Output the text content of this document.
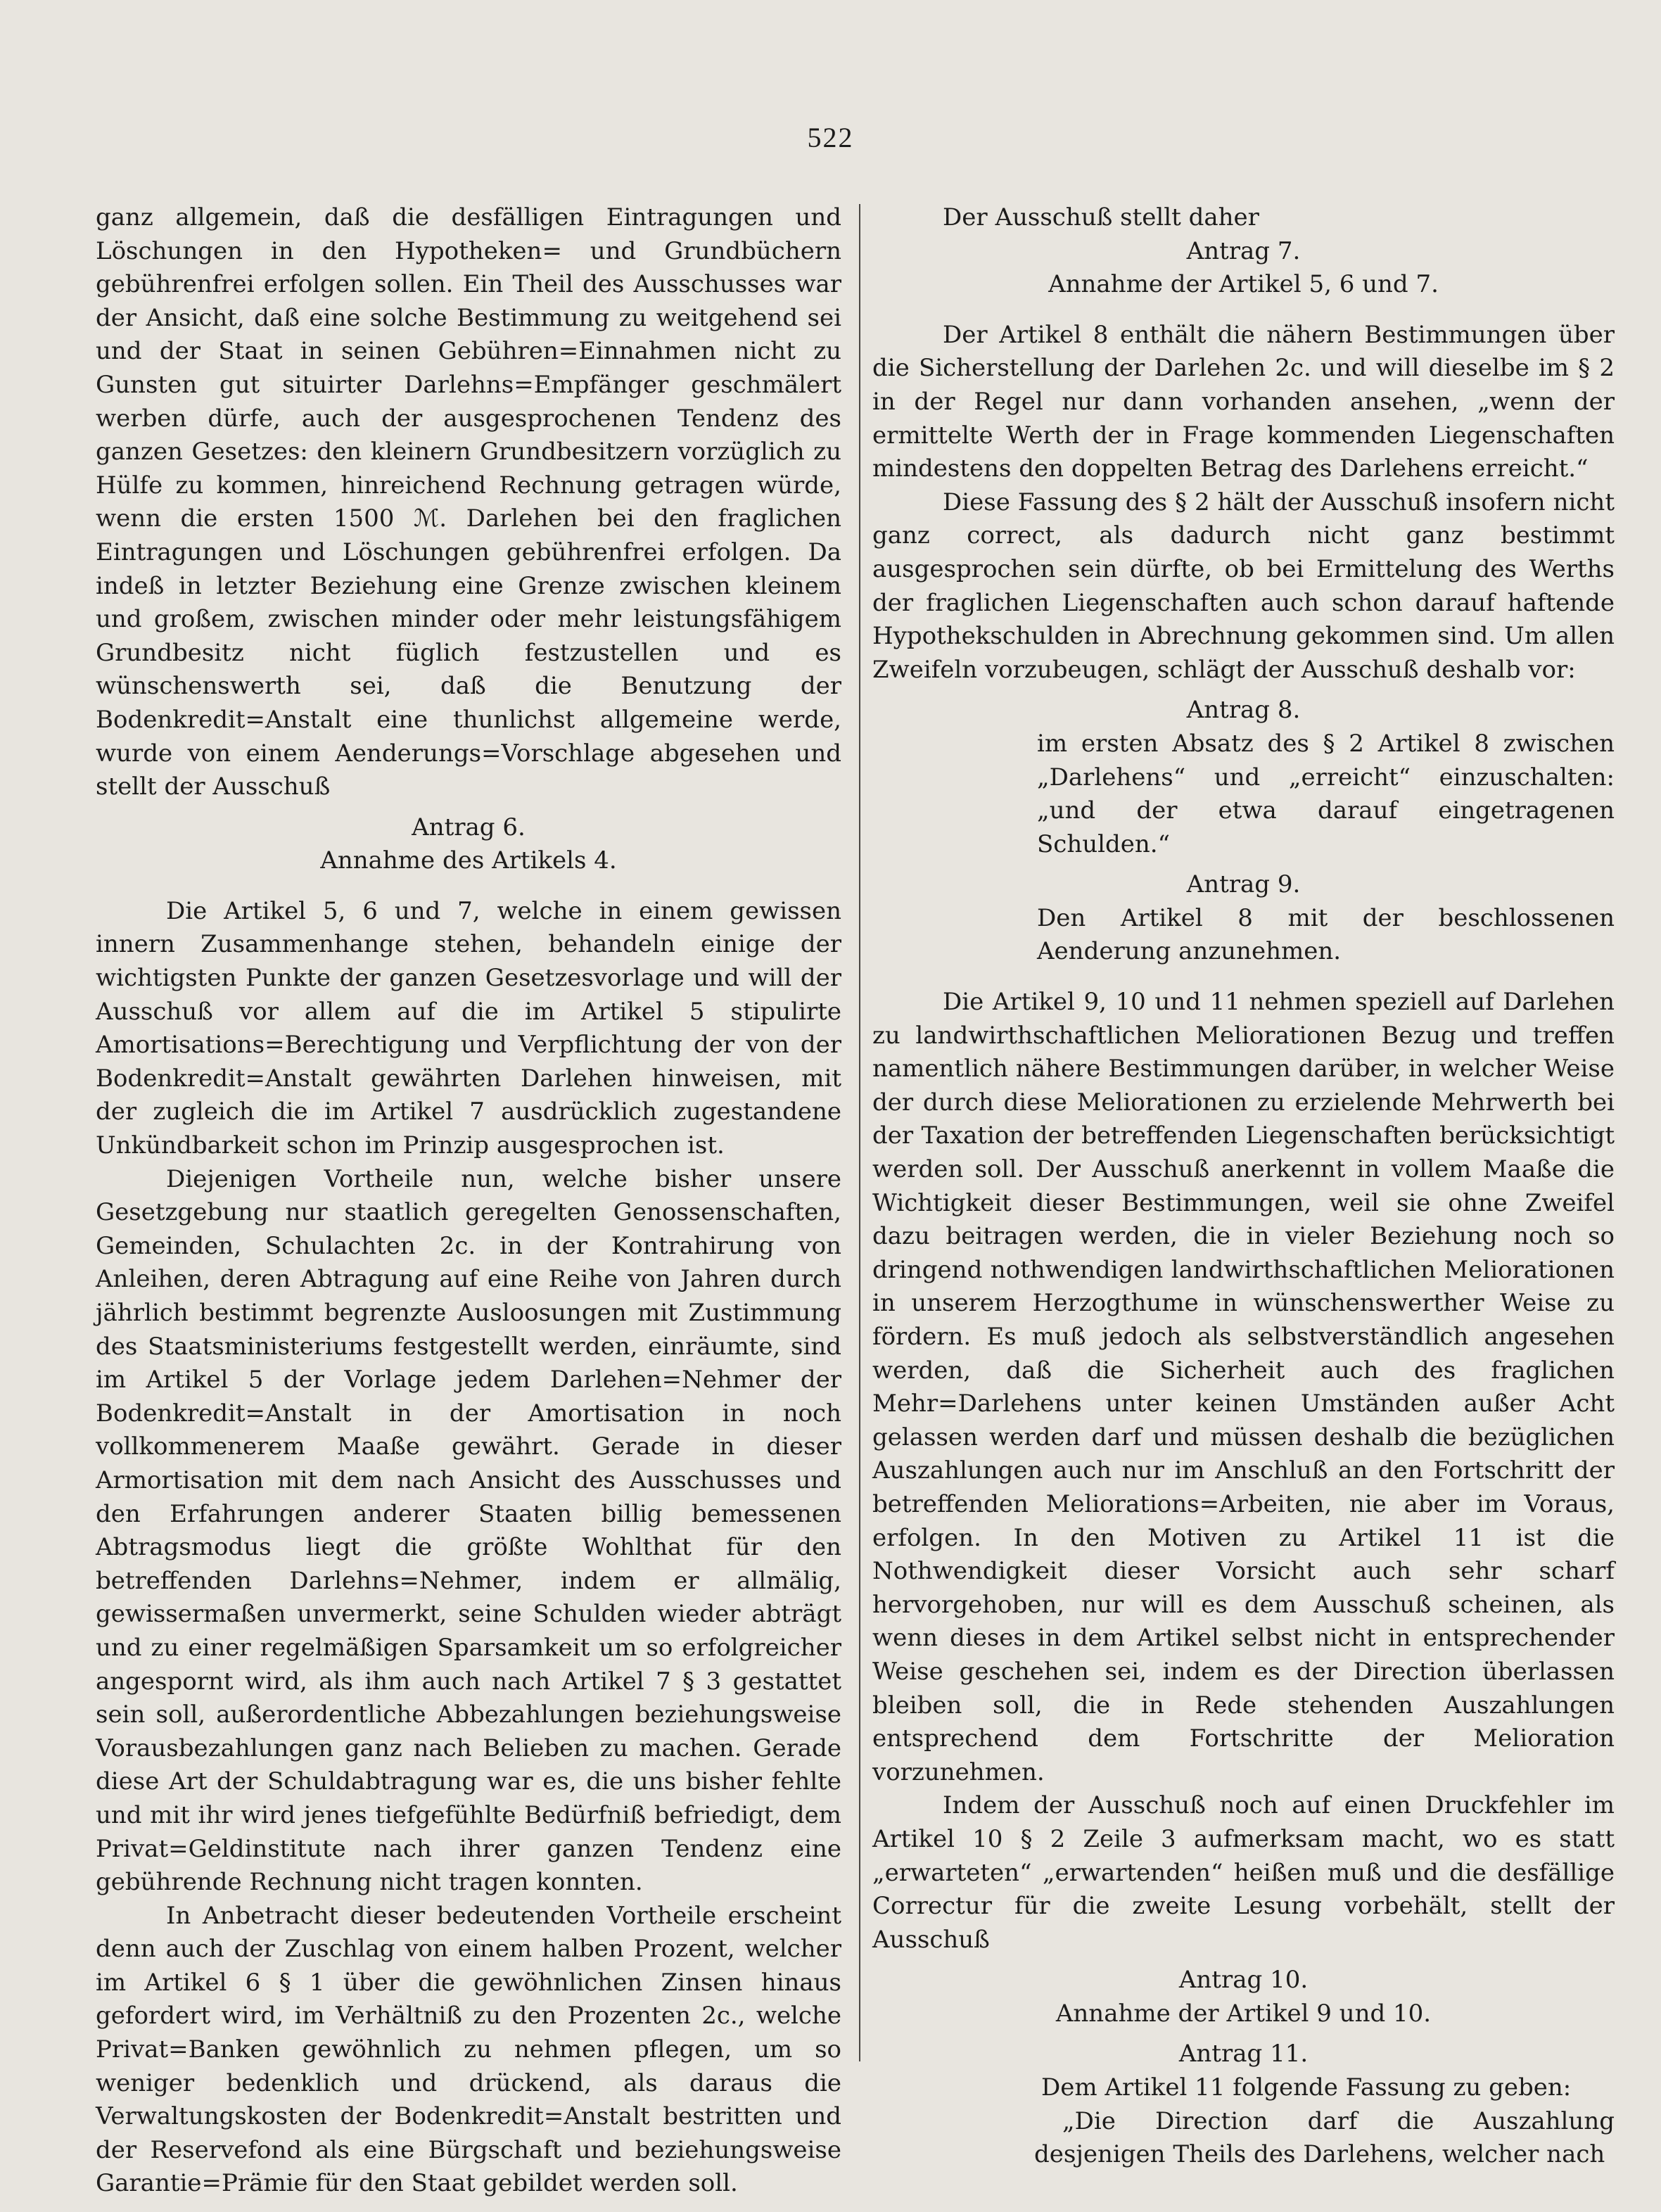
522

ganz allgemein, daß die desfälligen Eintragungen und Löschungen in den Hypotheken= und Grundbüchern gebührenfrei erfolgen sollen. Ein Theil des Ausschusses war der Ansicht, daß eine solche Bestimmung zu weitgehend sei und der Staat in seinen Gebühren=Einnahmen nicht zu Gunsten gut situirter Darlehns=Empfänger geschmälert werben dürfe, auch der ausgesprochenen Tendenz des ganzen Gesetzes: den kleinern Grundbesitzern vorzüglich zu Hülfe zu kommen, hinreichend Rechnung getragen würde, wenn die ersten 1500 ℳ. Darlehen bei den fraglichen Eintragungen und Löschungen gebührenfrei erfolgen. Da indeß in letzter Beziehung eine Grenze zwischen kleinem und großem, zwischen minder oder mehr leistungsfähigem Grundbesitz nicht füglich festzustellen und es wünschenswerth sei, daß die Benutzung der Bodenkredit=Anstalt eine thunlichst allgemeine werde, wurde von einem Aenderungs=Vorschlage abgesehen und stellt der Ausschuß

Antrag 6.

Annahme des Artikels 4.

Die Artikel 5, 6 und 7, welche in einem gewissen innern Zusammenhange stehen, behandeln einige der wichtigsten Punkte der ganzen Gesetzesvorlage und will der Ausschuß vor allem auf die im Artikel 5 stipulirte Amortisations=Berechtigung und Verpflichtung der von der Bodenkredit=Anstalt gewährten Darlehen hinweisen, mit der zugleich die im Artikel 7 ausdrücklich zugestandene Unkündbarkeit schon im Prinzip ausgesprochen ist.

Diejenigen Vortheile nun, welche bisher unsere Gesetzgebung nur staatlich geregelten Genossenschaften, Gemeinden, Schulachten 2c. in der Kontrahirung von Anleihen, deren Abtragung auf eine Reihe von Jahren durch jährlich bestimmt begrenzte Ausloosungen mit Zustimmung des Staatsministeriums festgestellt werden, einräumte, sind im Artikel 5 der Vorlage jedem Darlehen=Nehmer der Bodenkredit=Anstalt in der Amortisation in noch vollkommenerem Maaße gewährt. Gerade in dieser Armortisation mit dem nach Ansicht des Ausschusses und den Erfahrungen anderer Staaten billig bemessenen Abtragsmodus liegt die größte Wohlthat für den betreffenden Darlehns=Nehmer, indem er allmälig, gewissermaßen unvermerkt, seine Schulden wieder abträgt und zu einer regelmäßigen Sparsamkeit um so erfolgreicher angespornt wird, als ihm auch nach Artikel 7 § 3 gestattet sein soll, außerordentliche Abbezahlungen beziehungsweise Vorausbezahlungen ganz nach Belieben zu machen. Gerade diese Art der Schuldabtragung war es, die uns bisher fehlte und mit ihr wird jenes tiefgefühlte Bedürfniß befriedigt, dem Privat=Geldinstitute nach ihrer ganzen Tendenz eine gebührende Rechnung nicht tragen konnten.

In Anbetracht dieser bedeutenden Vortheile erscheint denn auch der Zuschlag von einem halben Prozent, welcher im Artikel 6 § 1 über die gewöhnlichen Zinsen hinaus gefordert wird, im Verhältniß zu den Prozenten 2c., welche Privat=Banken gewöhnlich zu nehmen pflegen, um so weniger bedenklich und drückend, als daraus die Verwaltungskosten der Bodenkredit=Anstalt bestritten und der Reservefond als eine Bürgschaft und beziehungsweise Garantie=Prämie für den Staat gebildet werden soll.

Der Ausschuß stellt daher

Antrag 7.

Annahme der Artikel 5, 6 und 7.

Der Artikel 8 enthält die nähern Bestimmungen über die Sicherstellung der Darlehen 2c. und will dieselbe im § 2 in der Regel nur dann vorhanden ansehen, „wenn der ermittelte Werth der in Frage kommenden Liegenschaften mindestens den doppelten Betrag des Darlehens erreicht.“

Diese Fassung des § 2 hält der Ausschuß insofern nicht ganz correct, als dadurch nicht ganz bestimmt ausgesprochen sein dürfte, ob bei Ermittelung des Werths der fraglichen Liegenschaften auch schon darauf haftende Hypothekschulden in Abrechnung gekommen sind. Um allen Zweifeln vorzubeugen, schlägt der Ausschuß deshalb vor:

Antrag 8.

im ersten Absatz des § 2 Artikel 8 zwischen „Darlehens“ und „erreicht“ einzuschalten: „und der etwa darauf eingetragenen Schulden.“

Antrag 9.

Den Artikel 8 mit der beschlossenen Aenderung anzunehmen.

Die Artikel 9, 10 und 11 nehmen speziell auf Darlehen zu landwirthschaftlichen Meliorationen Bezug und treffen namentlich nähere Bestimmungen darüber, in welcher Weise der durch diese Meliorationen zu erzielende Mehrwerth bei der Taxation der betreffenden Liegenschaften berücksichtigt werden soll. Der Ausschuß anerkennt in vollem Maaße die Wichtigkeit dieser Bestimmungen, weil sie ohne Zweifel dazu beitragen werden, die in vieler Beziehung noch so dringend nothwendigen landwirthschaftlichen Meliorationen in unserem Herzogthume in wünschenswerther Weise zu fördern. Es muß jedoch als selbstverständlich angesehen werden, daß die Sicherheit auch des fraglichen Mehr=Darlehens unter keinen Umständen außer Acht gelassen werden darf und müssen deshalb die bezüglichen Auszahlungen auch nur im Anschluß an den Fortschritt der betreffenden Meliorations=Arbeiten, nie aber im Voraus, erfolgen. In den Motiven zu Artikel 11 ist die Nothwendigkeit dieser Vorsicht auch sehr scharf hervorgehoben, nur will es dem Ausschuß scheinen, als wenn dieses in dem Artikel selbst nicht in entsprechender Weise geschehen sei, indem es der Direction überlassen bleiben soll, die in Rede stehenden Auszahlungen entsprechend dem Fortschritte der Melioration vorzunehmen.

Indem der Ausschuß noch auf einen Druckfehler im Artikel 10 § 2 Zeile 3 aufmerksam macht, wo es statt „erwarteten“ „erwartenden“ heißen muß und die desfällige Correctur für die zweite Lesung vorbehält, stellt der Ausschuß

Antrag 10.

Annahme der Artikel 9 und 10.

Antrag 11.

Dem Artikel 11 folgende Fassung zu geben:

„Die Direction darf die Auszahlung desjenigen Theils des Darlehens, welcher nach
